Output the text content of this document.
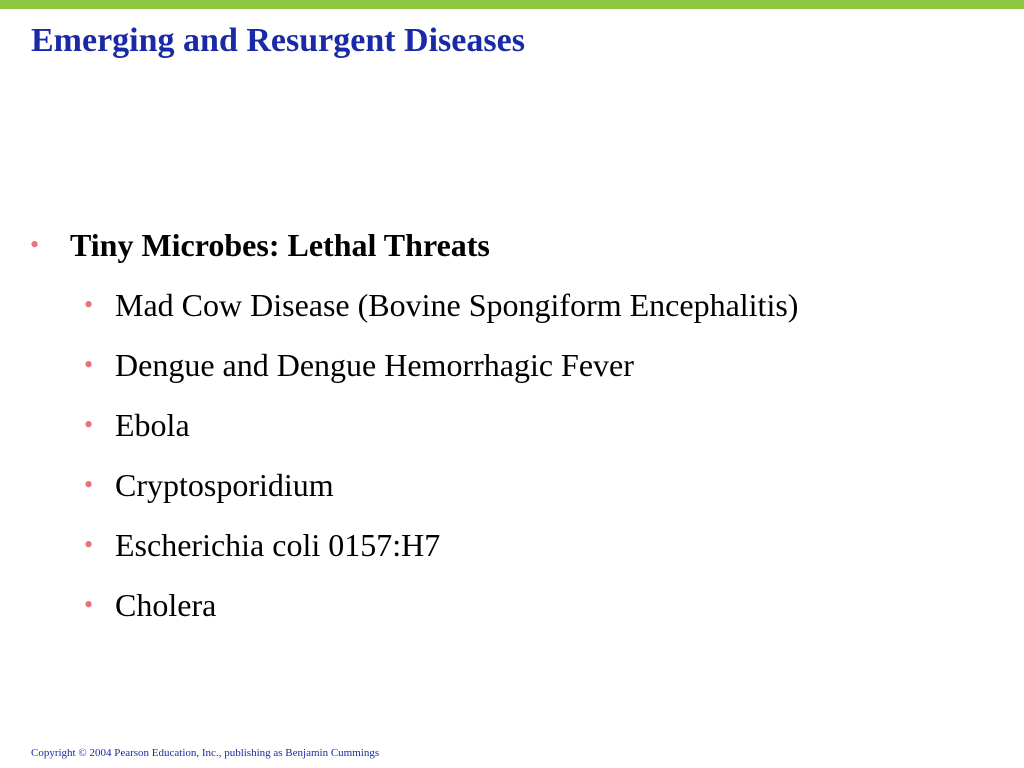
Emerging and Resurgent Diseases
• Tiny Microbes: Lethal Threats
• Mad Cow Disease (Bovine Spongiform Encephalitis)
• Dengue and Dengue Hemorrhagic Fever
• Ebola
• Cryptosporidium
• Escherichia coli 0157:H7
• Cholera
Copyright © 2004 Pearson Education, Inc., publishing as Benjamin Cummings
